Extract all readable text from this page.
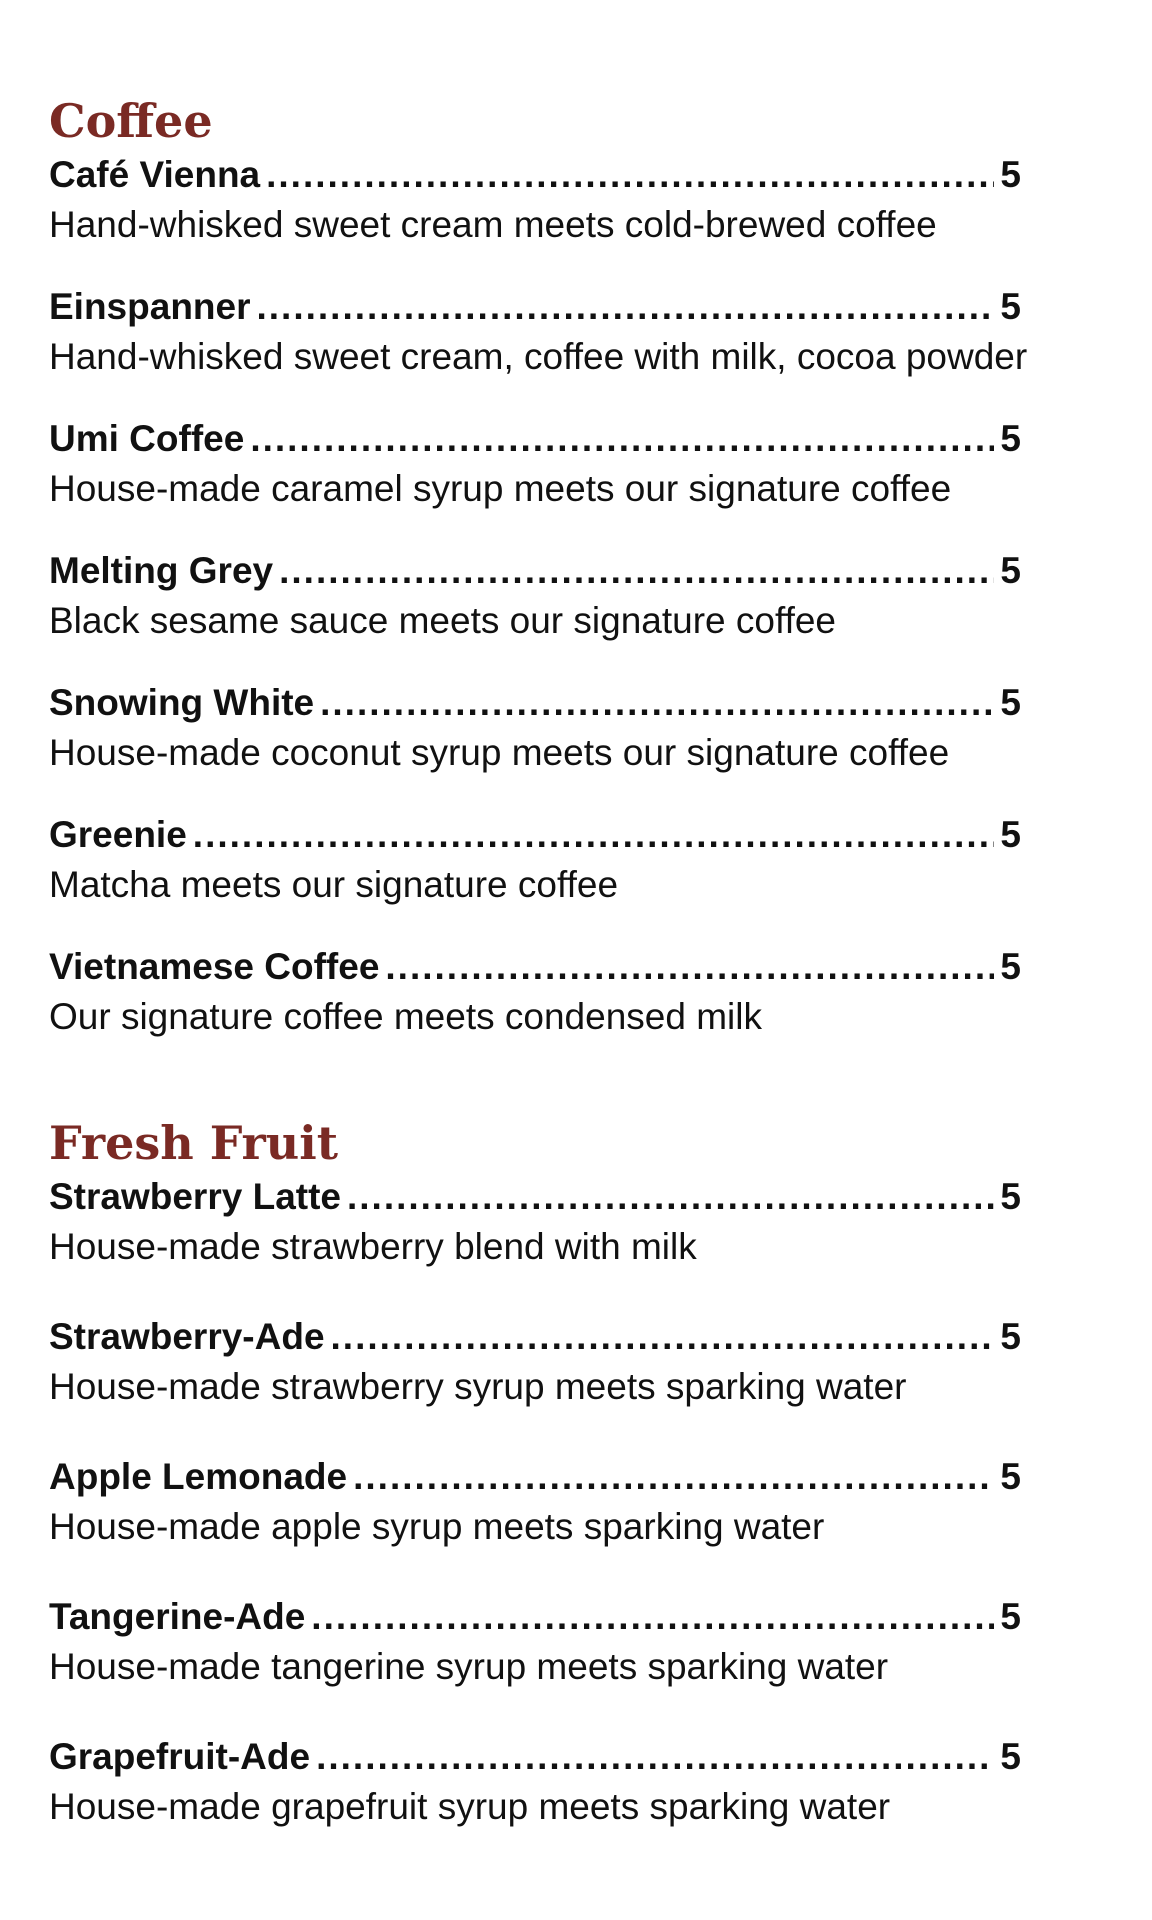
Coffee
Café Vienna .....	5
Hand-whisked sweet cream meets cold-brewed coffee
Einspanner .....	5
Hand-whisked sweet cream, coffee with milk, cocoa powder
Umi Coffee .....	5
House-made caramel syrup meets our signature coffee
Melting Grey .....	5
Black sesame sauce meets our signature coffee
Snowing White .....	5
House-made coconut syrup meets our signature coffee
Greenie .....	5
Matcha meets our signature coffee
Vietnamese Coffee .....	5
Our signature coffee meets condensed milk
Fresh Fruit
Strawberry Latte .....	5
House-made strawberry blend with milk
Strawberry-Ade .....	5
House-made strawberry syrup meets sparking water
Apple Lemonade .....	5
House-made apple syrup meets sparking water
Tangerine-Ade .....	5
House-made tangerine syrup meets sparking water
Grapefruit-Ade .....	5
House-made grapefruit syrup meets sparking water
